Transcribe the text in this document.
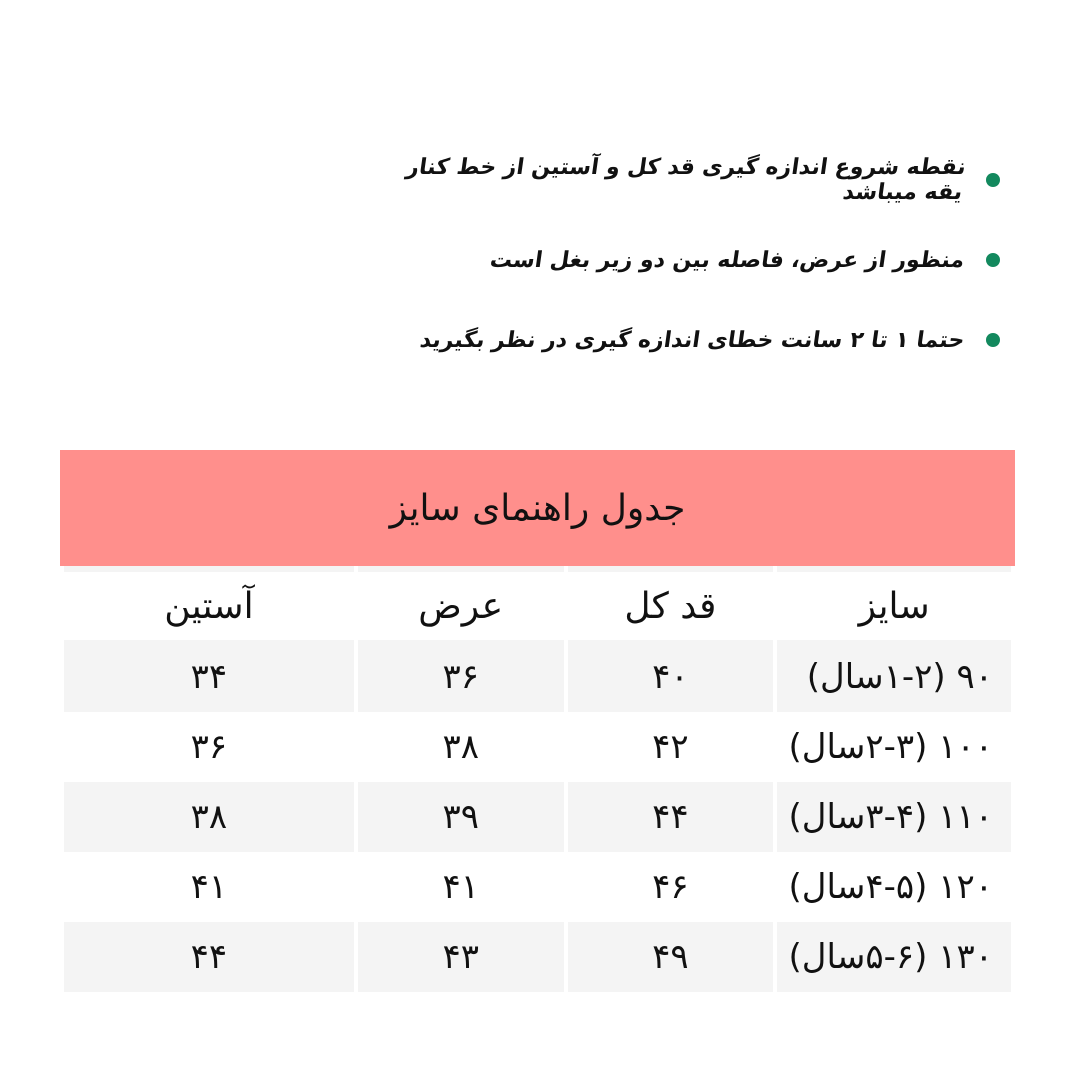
نقطه شروع اندازه گیری قد کل و آستین از خط کنار یقه میباشد
منظور از عرض، فاصله بین دو زیر بغل است
حتما ۱ تا ۲ سانت خطای اندازه گیری در نظر بگیرید
جدول راهنمای سایز
سایز	قد کل	عرض	آستین
۹۰ (۱-۲سال)	۴۰	۳۶	۳۴
۱۰۰ (۲-۳سال)	۴۲	۳۸	۳۶
۱۱۰ (۳-۴سال)	۴۴	۳۹	۳۸
۱۲۰ (۴-۵سال)	۴۶	۴۱	۴۱
۱۳۰ (۵-۶سال)	۴۹	۴۳	۴۴
